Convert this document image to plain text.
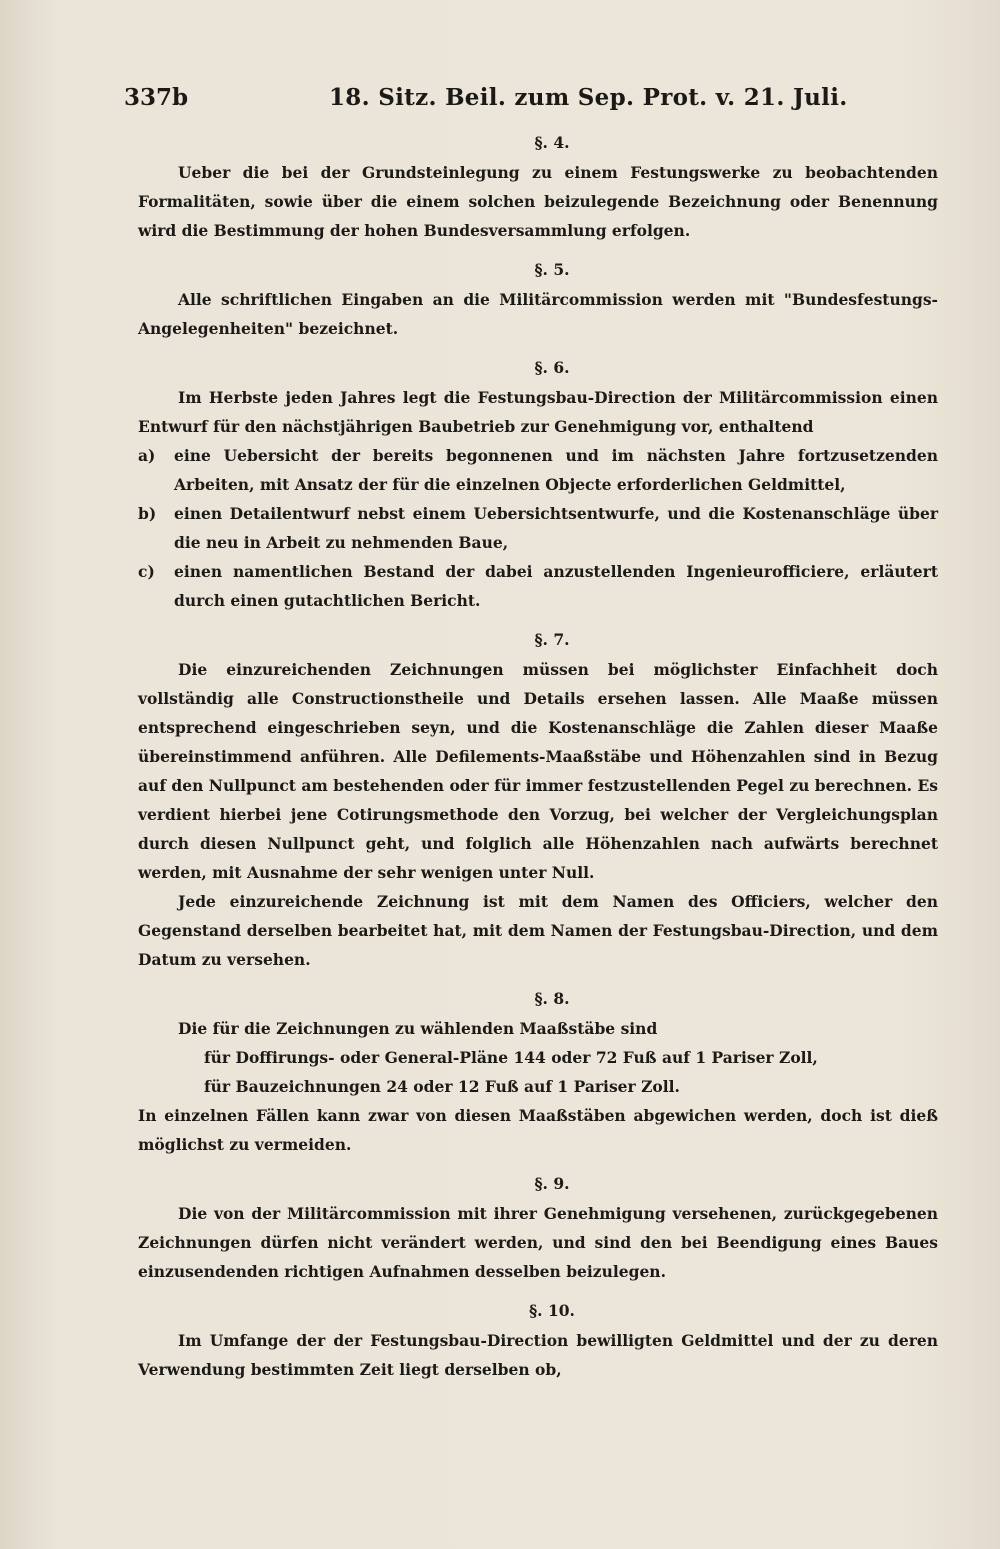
337b	18. Sitz. Beil. zum Sep. Prot. v. 21. Juli.

§. 4.

Ueber die bei der Grundsteinlegung zu einem Festungswerke zu beobachtenden Formalitäten, sowie über die einem solchen beizulegende Bezeichnung oder Benennung wird die Bestimmung der hohen Bundesversammlung erfolgen.

§. 5.

Alle schriftlichen Eingaben an die Militärcommission werden mit "Bundesfestungs-Angelegenheiten" bezeichnet.

§. 6.

Im Herbste jeden Jahres legt die Festungsbau-Direction der Militärcommission einen Entwurf für den nächstjährigen Baubetrieb zur Genehmigung vor, enthaltend

a)	eine Uebersicht der bereits begonnenen und im nächsten Jahre fortzusetzenden Arbeiten, mit Ansatz der für die einzelnen Objecte erforderlichen Geldmittel,
b)	einen Detailentwurf nebst einem Uebersichtsentwurfe, und die Kostenanschläge über die neu in Arbeit zu nehmenden Baue,
c)	einen namentlichen Bestand der dabei anzustellenden Ingenieurofficiere, erläutert durch einen gutachtlichen Bericht.

§. 7.

Die einzureichenden Zeichnungen müssen bei möglichster Einfachheit doch vollständig alle Constructionstheile und Details ersehen lassen. Alle Maaße müssen entsprechend eingeschrieben seyn, und die Kostenanschläge die Zahlen dieser Maaße übereinstimmend anführen. Alle Defilements-Maaßstäbe und Höhenzahlen sind in Bezug auf den Nullpunct am bestehenden oder für immer festzustellenden Pegel zu berechnen. Es verdient hierbei jene Cotirungsmethode den Vorzug, bei welcher der Vergleichungsplan durch diesen Nullpunct geht, und folglich alle Höhenzahlen nach aufwärts berechnet werden, mit Ausnahme der sehr wenigen unter Null.

Jede einzureichende Zeichnung ist mit dem Namen des Officiers, welcher den Gegenstand derselben bearbeitet hat, mit dem Namen der Festungsbau-Direction, und dem Datum zu versehen.

§. 8.

Die für die Zeichnungen zu wählenden Maaßstäbe sind

für Doffirungs- oder General-Pläne 144 oder 72 Fuß auf 1 Pariser Zoll,

für Bauzeichnungen 24 oder 12 Fuß auf 1 Pariser Zoll.

In einzelnen Fällen kann zwar von diesen Maaßstäben abgewichen werden, doch ist dieß möglichst zu vermeiden.

§. 9.

Die von der Militärcommission mit ihrer Genehmigung versehenen, zurückgegebenen Zeichnungen dürfen nicht verändert werden, und sind den bei Beendigung eines Baues einzusendenden richtigen Aufnahmen desselben beizulegen.

§. 10.

Im Umfange der der Festungsbau-Direction bewilligten Geldmittel und der zu deren Verwendung bestimmten Zeit liegt derselben ob,
